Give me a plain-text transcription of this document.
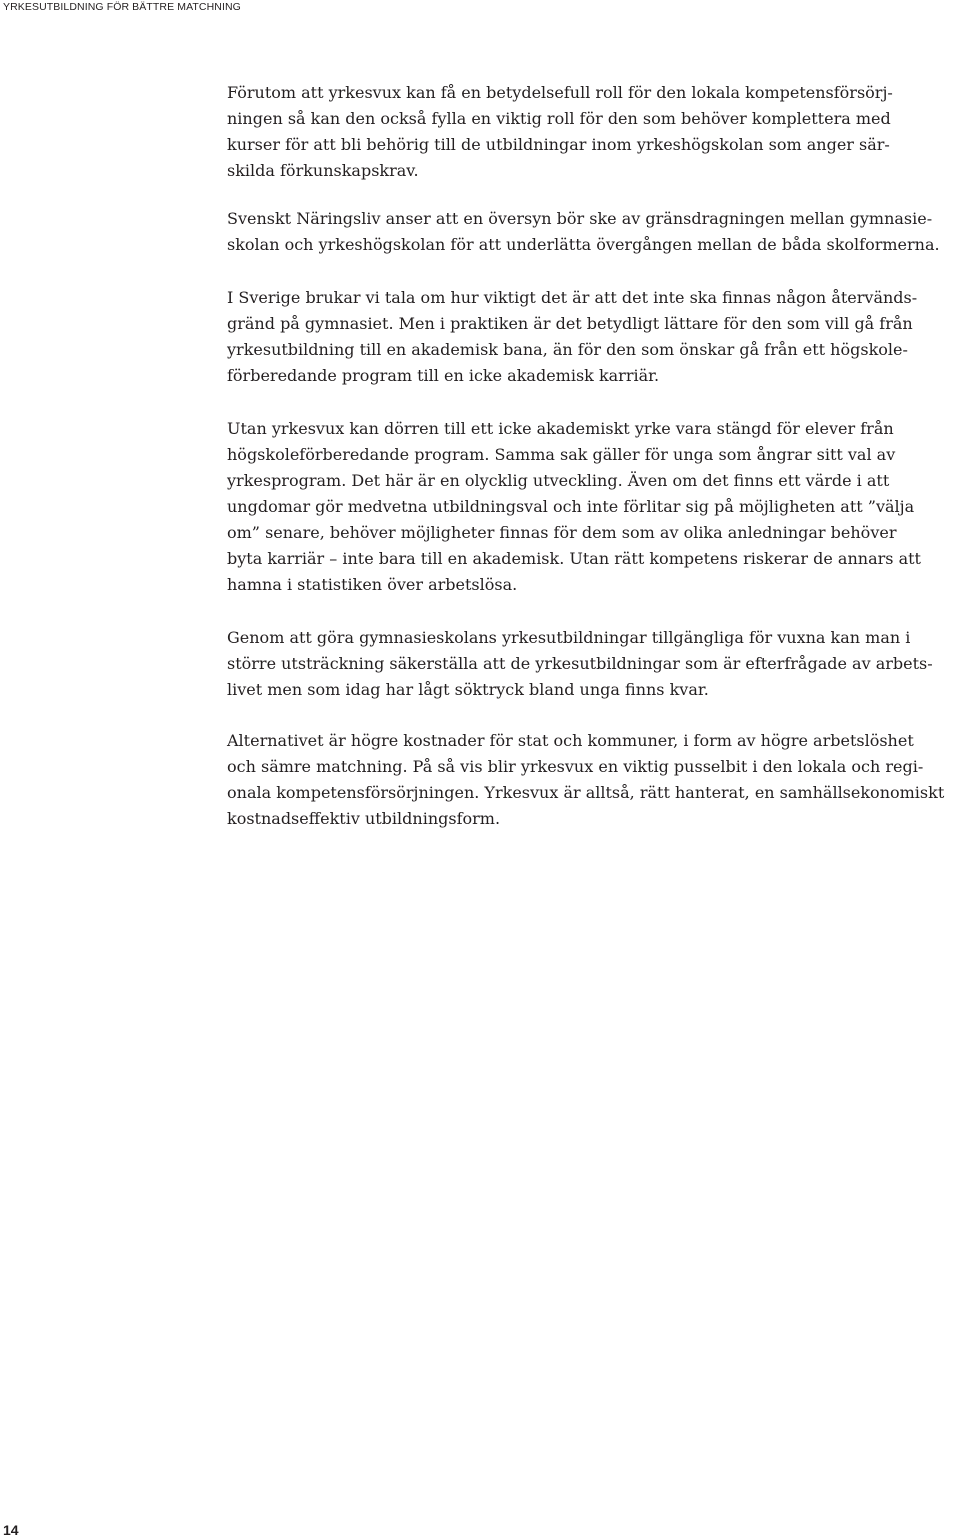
YRKESUTBILDNING FÖR BÄTTRE MATCHNING
Förutom att yrkesvux kan få en betydelsefull roll för den lokala kompetensförsörj-
ningen så kan den också fylla en viktig roll för den som behöver komplettera med
kurser för att bli behörig till de utbildningar inom yrkeshögskolan som anger sär-
skilda förkunskapskrav.
Svenskt Näringsliv anser att en översyn bör ske av gränsdragningen mellan gymnasie-
skolan och yrkeshögskolan för att underlätta övergången mellan de båda skolformerna.
I Sverige brukar vi tala om hur viktigt det är att det inte ska finnas någon återvänds-
gränd på gymnasiet. Men i praktiken är det betydligt lättare för den som vill gå från
yrkesutbildning till en akademisk bana, än för den som önskar gå från ett högskole-
förberedande program till en icke akademisk karriär.
Utan yrkesvux kan dörren till ett icke akademiskt yrke vara stängd för elever från
högskoleförberedande program. Samma sak gäller för unga som ångrar sitt val av
yrkesprogram. Det här är en olycklig utveckling. Även om det finns ett värde i att
ungdomar gör medvetna utbildningsval och inte förlitar sig på möjligheten att ”välja
om” senare, behöver möjligheter finnas för dem som av olika anledningar behöver
byta karriär – inte bara till en akademisk. Utan rätt kompetens riskerar de annars att
hamna i statistiken över arbetslösa.
Genom att göra gymnasieskolans yrkesutbildningar tillgängliga för vuxna kan man i
större utsträckning säkerställa att de yrkesutbildningar som är efterfrågade av arbets-
livet men som idag har lågt söktryck bland unga finns kvar.
Alternativet är högre kostnader för stat och kommuner, i form av högre arbetslöshet
och sämre matchning. På så vis blir yrkesvux en viktig pusselbit i den lokala och regi-
onala kompetensförsörjningen. Yrkesvux är alltså, rätt hanterat, en samhällsekonomiskt
kostnadseffektiv utbildningsform.
14
